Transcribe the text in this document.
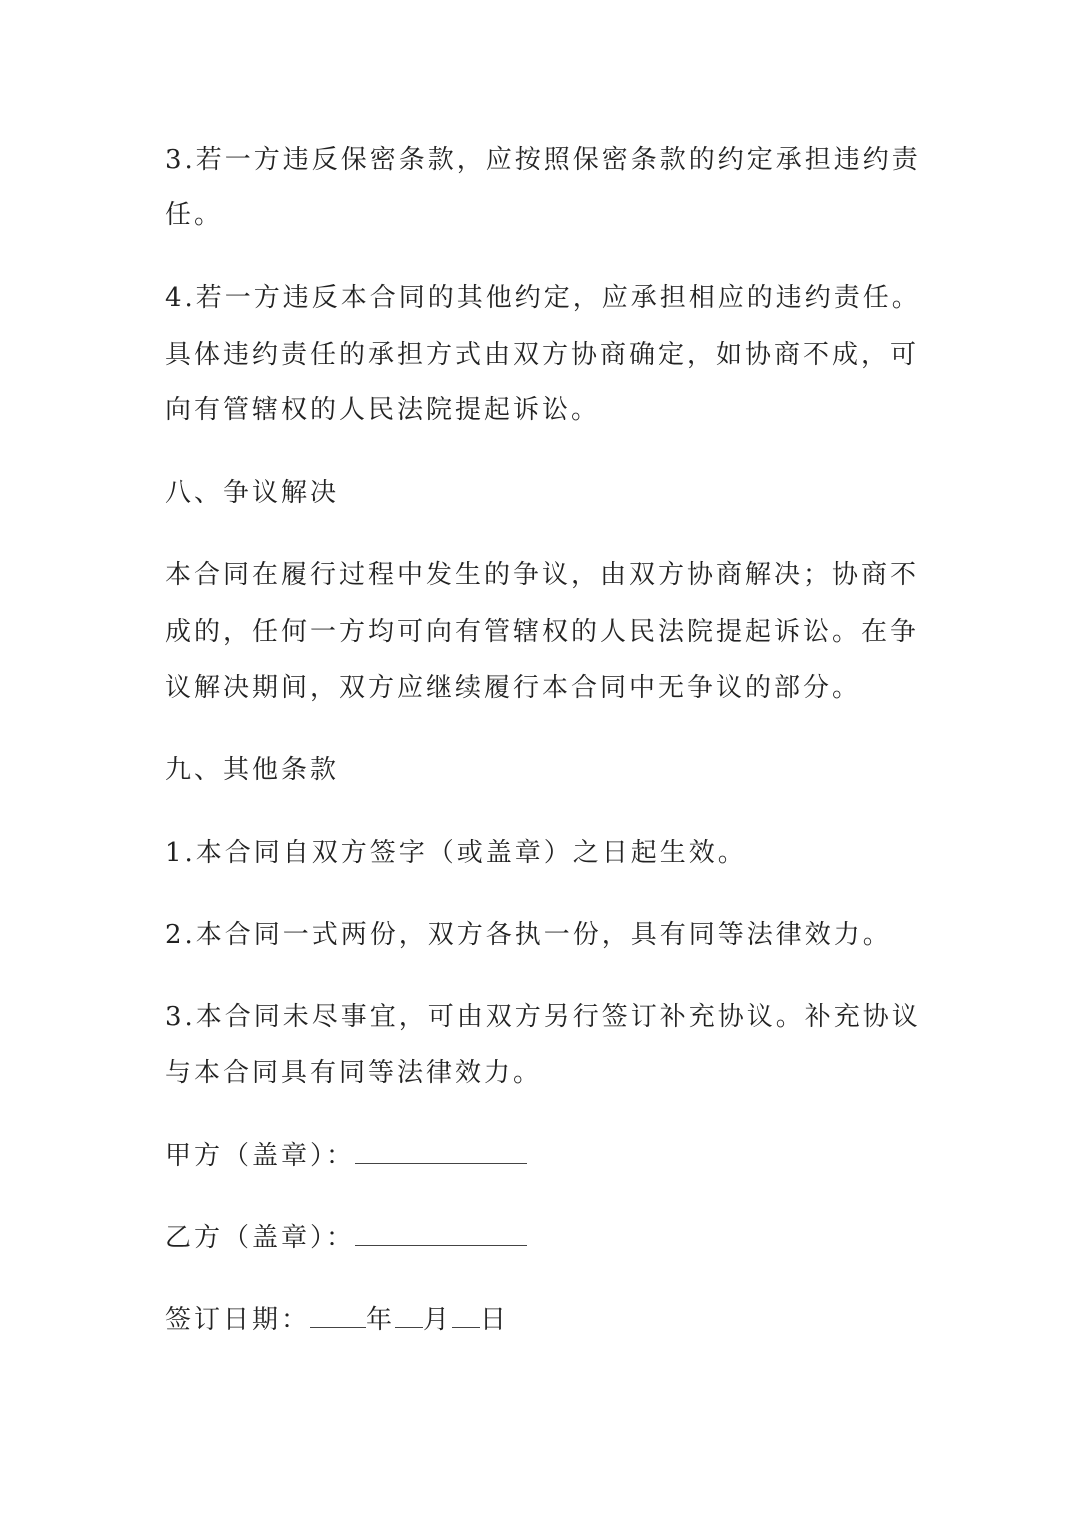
3.若一方违反保密条款，应按照保密条款的约定承担违约责
任。
4.若一方违反本合同的其他约定，应承担相应的违约责任。
具体违约责任的承担方式由双方协商确定，如协商不成，可
向有管辖权的人民法院提起诉讼。
八、争议解决
本合同在履行过程中发生的争议，由双方协商解决；协商不
成的，任何一方均可向有管辖权的人民法院提起诉讼。在争
议解决期间，双方应继续履行本合同中无争议的部分。
九、其他条款
1.本合同自双方签字（或盖章）之日起生效。
2.本合同一式两份，双方各执一份，具有同等法律效力。
3.本合同未尽事宜，可由双方另行签订补充协议。补充协议
与本合同具有同等法律效力。
甲方（盖章）：
乙方（盖章）：
签订日期： 年 月 日
